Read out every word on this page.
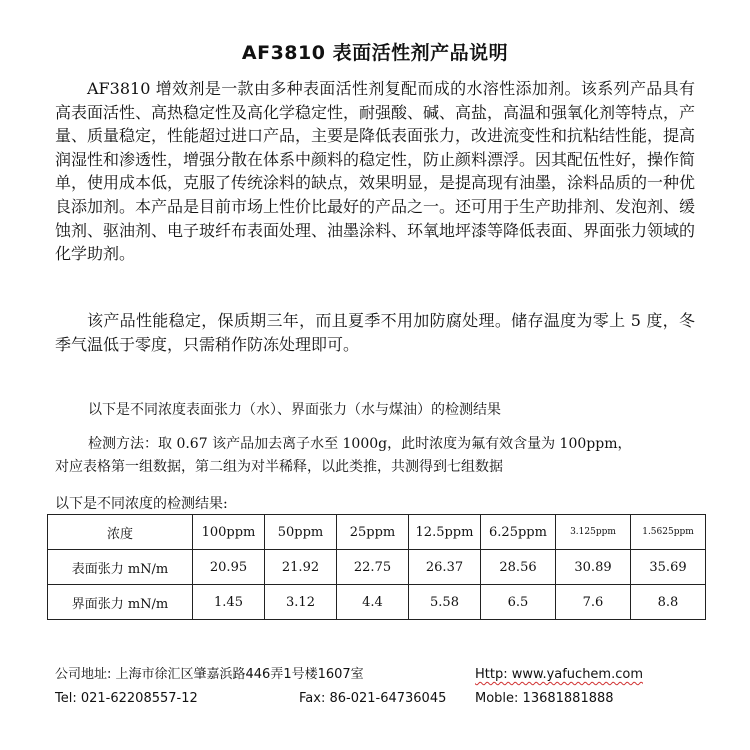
AF3810 表面活性剂产品说明

AF3810 增效剂是一款由多种表面活性剂复配而成的水溶性添加剂。该系列产品具有高表面活性、高热稳定性及高化学稳定性，耐强酸、碱、高盐，高温和强氧化剂等特点，产量、质量稳定，性能超过进口产品，主要是降低表面张力，改进流变性和抗粘结性能，提高润湿性和渗透性，增强分散在体系中颜料的稳定性，防止颜料漂浮。因其配伍性好，操作简单，使用成本低，克服了传统涂料的缺点，效果明显，是提高现有油墨，涂料品质的一种优良添加剂。本产品是目前市场上性价比最好的产品之一。还可用于生产助排剂、发泡剂、缓蚀剂、驱油剂、电子玻纤布表面处理、油墨涂料、环氧地坪漆等降低表面、界面张力领域的化学助剂。

该产品性能稳定，保质期三年，而且夏季不用加防腐处理。储存温度为零上 5 度，冬季气温低于零度，只需稍作防冻处理即可。

以下是不同浓度表面张力（水）、界面张力（水与煤油）的检测结果
检测方法：取 0.67 该产品加去离子水至 1000g，此时浓度为氟有效含量为 100ppm，
对应表格第一组数据，第二组为对半稀释，以此类推，共测得到七组数据
以下是不同浓度的检测结果:
浓度	100ppm	50ppm	25ppm	12.5ppm	6.25ppm	3.125ppm	1.5625ppm
表面张力 mN/m	20.95	21.92	22.75	26.37	28.56	30.89	35.69
界面张力 mN/m	1.45	3.12	4.4	5.58	6.5	7.6	8.8
公司地址: 上海市徐汇区肇嘉浜路446弄1号楼1607室	Http: www.yafuchem.com
Tel: 021-62208557-12	Fax: 86-021-64736045 Moble: 13681881888
